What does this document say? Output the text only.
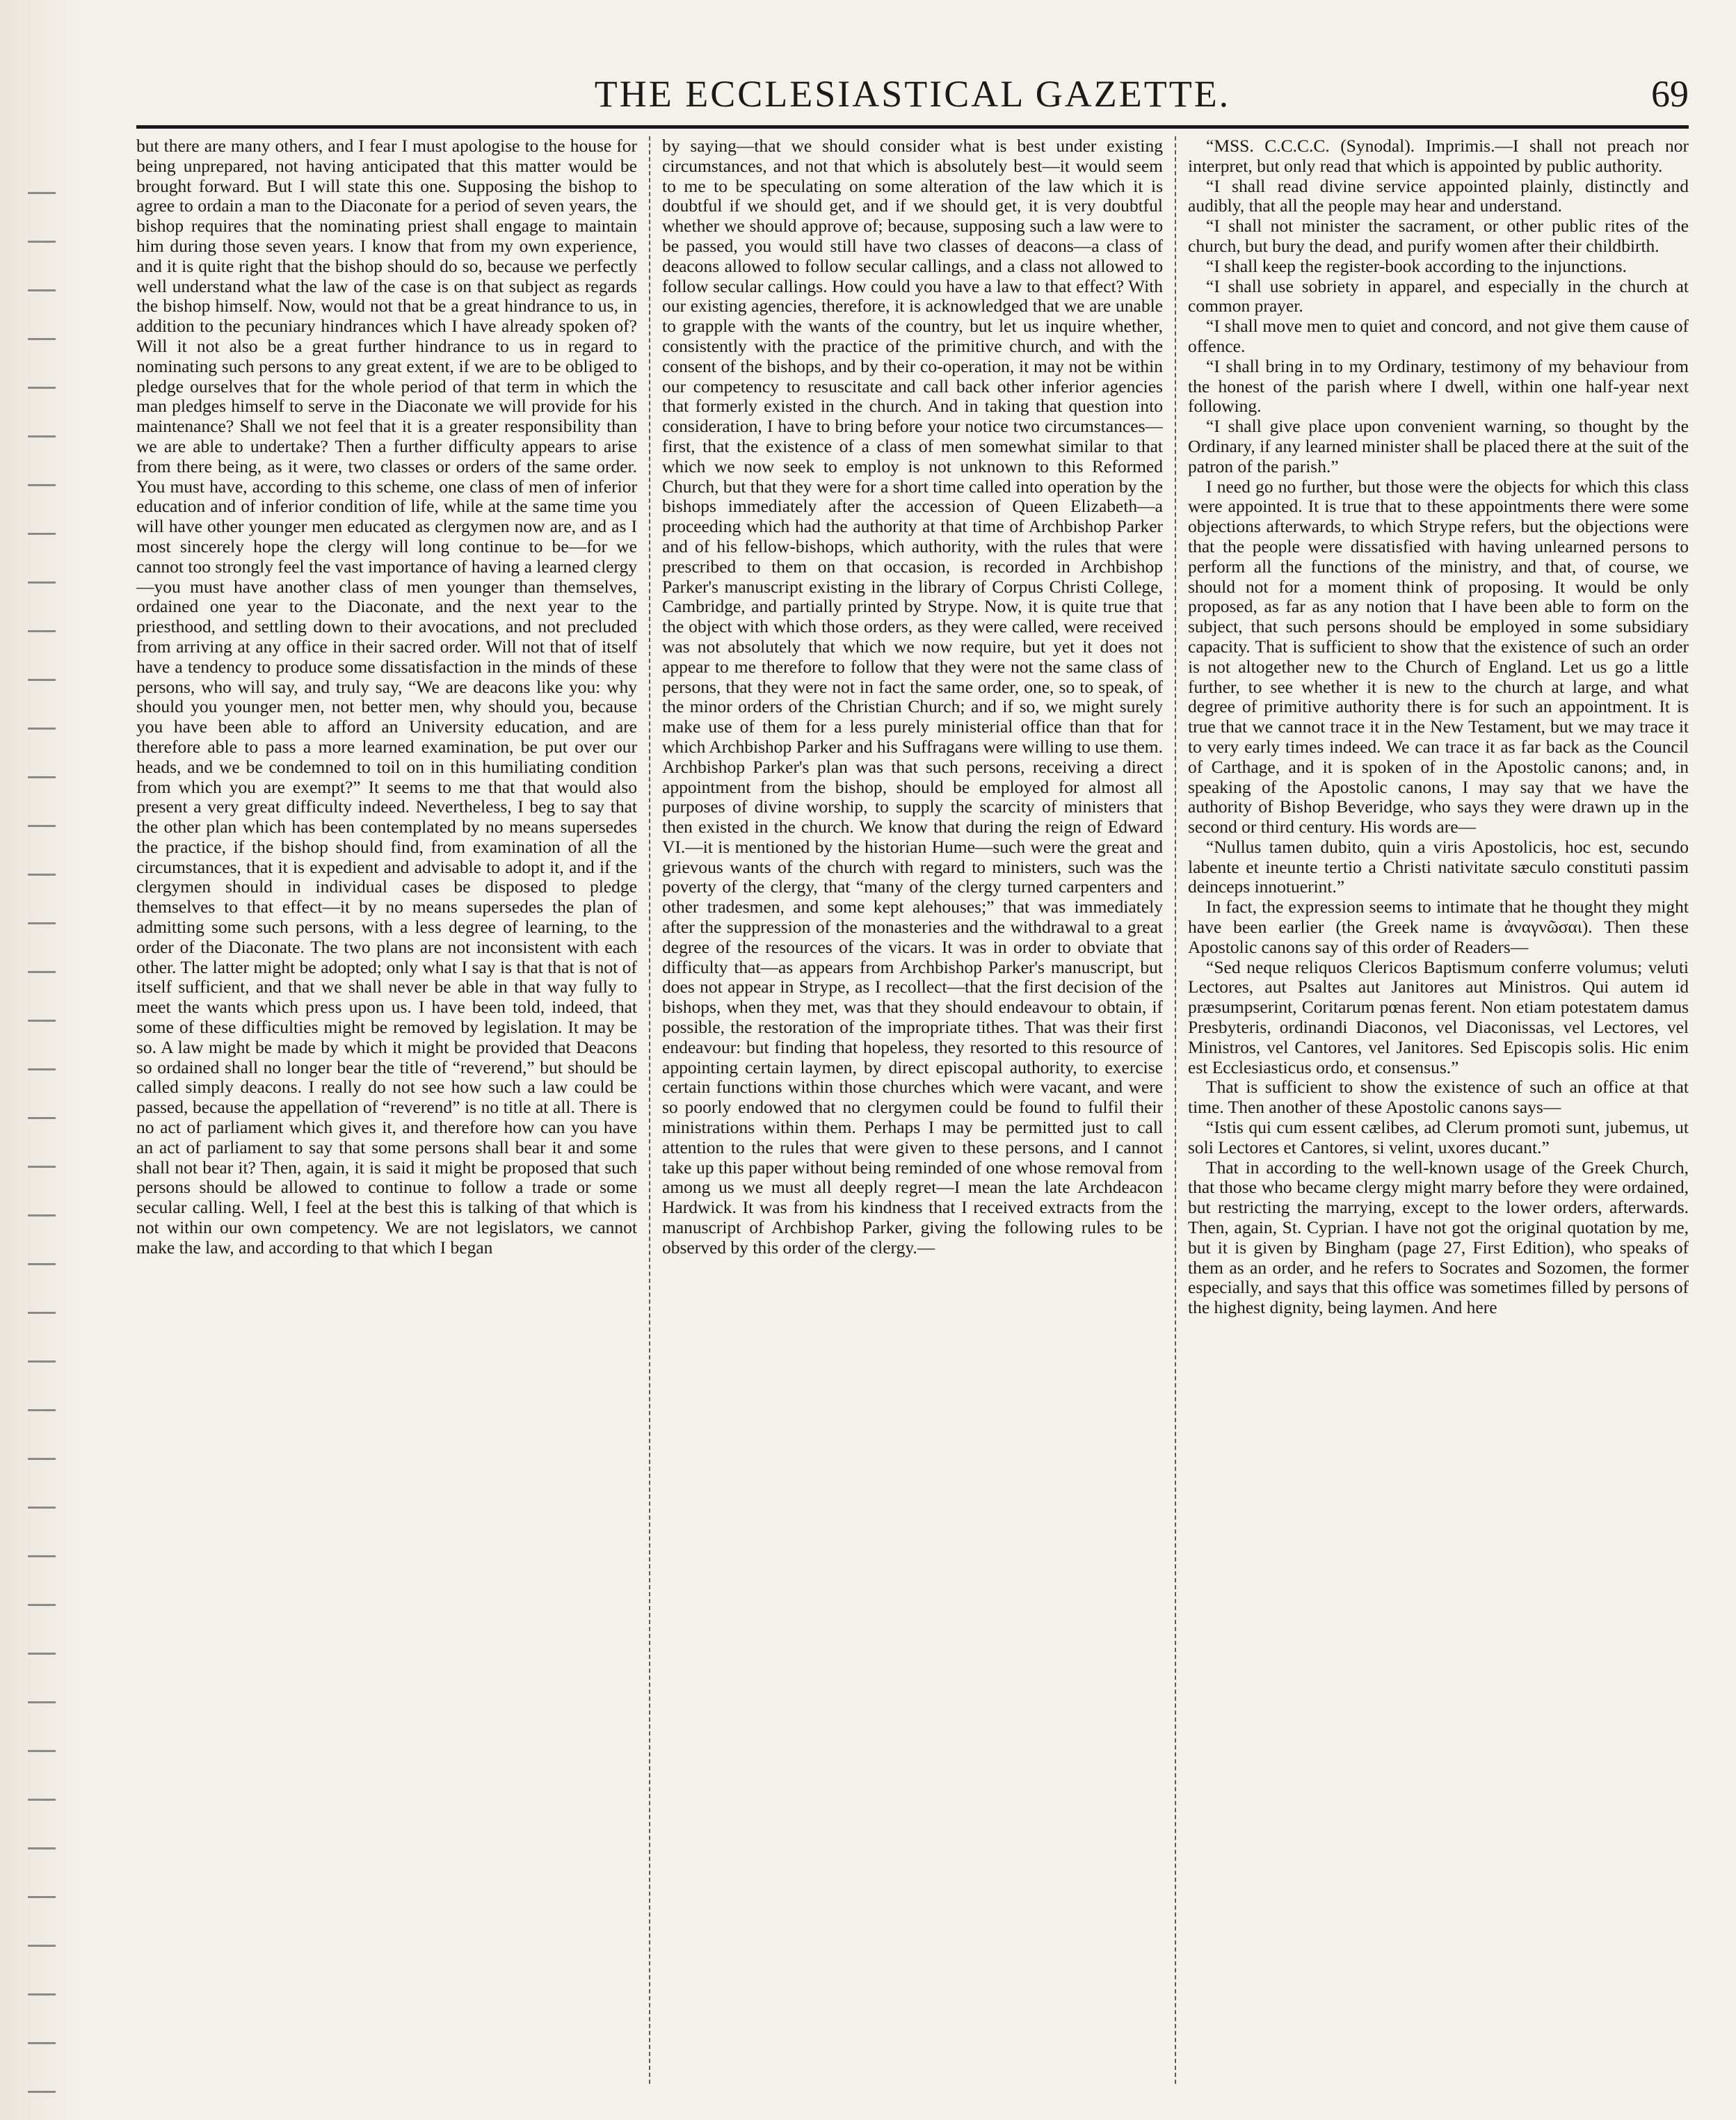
THE ECCLESIASTICAL GAZETTE.	69

but there are many others, and I fear I must apologise to the house for being unprepared, not having anticipated that this matter would be brought forward. But I will state this one. Supposing the bishop to agree to ordain a man to the Diaconate for a period of seven years, the bishop requires that the nominating priest shall engage to maintain him during those seven years. I know that from my own experience, and it is quite right that the bishop should do so, because we perfectly well understand what the law of the case is on that subject as regards the bishop himself. Now, would not that be a great hindrance to us, in addition to the pecuniary hindrances which I have already spoken of? Will it not also be a great further hindrance to us in regard to nominating such persons to any great extent, if we are to be obliged to pledge ourselves that for the whole period of that term in which the man pledges himself to serve in the Diaconate we will provide for his maintenance? Shall we not feel that it is a greater responsibility than we are able to undertake? Then a further difficulty appears to arise from there being, as it were, two classes or orders of the same order. You must have, according to this scheme, one class of men of inferior education and of inferior condition of life, while at the same time you will have other younger men educated as clergymen now are, and as I most sincerely hope the clergy will long continue to be—for we cannot too strongly feel the vast importance of having a learned clergy—you must have another class of men younger than themselves, ordained one year to the Diaconate, and the next year to the priesthood, and settling down to their avocations, and not precluded from arriving at any office in their sacred order. Will not that of itself have a tendency to produce some dissatisfaction in the minds of these persons, who will say, and truly say, “We are deacons like you: why should you younger men, not better men, why should you, because you have been able to afford an University education, and are therefore able to pass a more learned examination, be put over our heads, and we be condemned to toil on in this humiliating condition from which you are exempt?” It seems to me that that would also present a very great difficulty indeed. Nevertheless, I beg to say that the other plan which has been contemplated by no means supersedes the practice, if the bishop should find, from examination of all the circumstances, that it is expedient and advisable to adopt it, and if the clergymen should in individual cases be disposed to pledge themselves to that effect—it by no means supersedes the plan of admitting some such persons, with a less degree of learning, to the order of the Diaconate. The two plans are not inconsistent with each other. The latter might be adopted; only what I say is that that is not of itself sufficient, and that we shall never be able in that way fully to meet the wants which press upon us. I have been told, indeed, that some of these difficulties might be removed by legislation. It may be so. A law might be made by which it might be provided that Deacons so ordained shall no longer bear the title of “reverend,” but should be called simply deacons. I really do not see how such a law could be passed, because the appellation of “reverend” is no title at all. There is no act of parliament which gives it, and therefore how can you have an act of parliament to say that some persons shall bear it and some shall not bear it? Then, again, it is said it might be proposed that such persons should be allowed to continue to follow a trade or some secular calling. Well, I feel at the best this is talking of that which is not within our own competency. We are not legislators, we cannot make the law, and according to that which I began

by saying—that we should consider what is best under existing circumstances, and not that which is absolutely best—it would seem to me to be speculating on some alteration of the law which it is doubtful if we should get, and if we should get, it is very doubtful whether we should approve of; because, supposing such a law were to be passed, you would still have two classes of deacons—a class of deacons allowed to follow secular callings, and a class not allowed to follow secular callings. How could you have a law to that effect? With our existing agencies, therefore, it is acknowledged that we are unable to grapple with the wants of the country, but let us inquire whether, consistently with the practice of the primitive church, and with the consent of the bishops, and by their co-operation, it may not be within our competency to resuscitate and call back other inferior agencies that formerly existed in the church. And in taking that question into consideration, I have to bring before your notice two circumstances—first, that the existence of a class of men somewhat similar to that which we now seek to employ is not unknown to this Reformed Church, but that they were for a short time called into operation by the bishops immediately after the accession of Queen Elizabeth—a proceeding which had the authority at that time of Archbishop Parker and of his fellow-bishops, which authority, with the rules that were prescribed to them on that occasion, is recorded in Archbishop Parker's manuscript existing in the library of Corpus Christi College, Cambridge, and partially printed by Strype. Now, it is quite true that the object with which those orders, as they were called, were received was not absolutely that which we now require, but yet it does not appear to me therefore to follow that they were not the same class of persons, that they were not in fact the same order, one, so to speak, of the minor orders of the Christian Church; and if so, we might surely make use of them for a less purely ministerial office than that for which Archbishop Parker and his Suffragans were willing to use them. Archbishop Parker's plan was that such persons, receiving a direct appointment from the bishop, should be employed for almost all purposes of divine worship, to supply the scarcity of ministers that then existed in the church. We know that during the reign of Edward VI.—it is mentioned by the historian Hume—such were the great and grievous wants of the church with regard to ministers, such was the poverty of the clergy, that “many of the clergy turned carpenters and other tradesmen, and some kept alehouses;” that was immediately after the suppression of the monasteries and the withdrawal to a great degree of the resources of the vicars. It was in order to obviate that difficulty that—as appears from Archbishop Parker's manuscript, but does not appear in Strype, as I recollect—that the first decision of the bishops, when they met, was that they should endeavour to obtain, if possible, the restoration of the impropriate tithes. That was their first endeavour: but finding that hopeless, they resorted to this resource of appointing certain laymen, by direct episcopal authority, to exercise certain functions within those churches which were vacant, and were so poorly endowed that no clergymen could be found to fulfil their ministrations within them. Perhaps I may be permitted just to call attention to the rules that were given to these persons, and I cannot take up this paper without being reminded of one whose removal from among us we must all deeply regret—I mean the late Archdeacon Hardwick. It was from his kindness that I received extracts from the manuscript of Archbishop Parker, giving the following rules to be observed by this order of the clergy.—

“MSS. C.C.C.C. (Synodal). Imprimis.—I shall not preach nor interpret, but only read that which is appointed by public authority.

“I shall read divine service appointed plainly, distinctly and audibly, that all the people may hear and understand.

“I shall not minister the sacrament, or other public rites of the church, but bury the dead, and purify women after their childbirth.

“I shall keep the register-book according to the injunctions.

“I shall use sobriety in apparel, and especially in the church at common prayer.

“I shall move men to quiet and concord, and not give them cause of offence.

“I shall bring in to my Ordinary, testimony of my behaviour from the honest of the parish where I dwell, within one half-year next following.

“I shall give place upon convenient warning, so thought by the Ordinary, if any learned minister shall be placed there at the suit of the patron of the parish.”

I need go no further, but those were the objects for which this class were appointed. It is true that to these appointments there were some objections afterwards, to which Strype refers, but the objections were that the people were dissatisfied with having unlearned persons to perform all the functions of the ministry, and that, of course, we should not for a moment think of proposing. It would be only proposed, as far as any notion that I have been able to form on the subject, that such persons should be employed in some subsidiary capacity. That is sufficient to show that the existence of such an order is not altogether new to the Church of England. Let us go a little further, to see whether it is new to the church at large, and what degree of primitive authority there is for such an appointment. It is true that we cannot trace it in the New Testament, but we may trace it to very early times indeed. We can trace it as far back as the Council of Carthage, and it is spoken of in the Apostolic canons; and, in speaking of the Apostolic canons, I may say that we have the authority of Bishop Beveridge, who says they were drawn up in the second or third century. His words are—

“Nullus tamen dubito, quin a viris Apostolicis, hoc est, secundo labente et ineunte tertio a Christi nativitate sæculo constituti passim deinceps innotuerint.”

In fact, the expression seems to intimate that he thought they might have been earlier (the Greek name is ἀναγνῶσαι). Then these Apostolic canons say of this order of Readers—

“Sed neque reliquos Clericos Baptismum conferre volumus; veluti Lectores, aut Psaltes aut Janitores aut Ministros. Qui autem id præsumpserint, Coritarum pœnas ferent. Non etiam potestatem damus Presbyteris, ordinandi Diaconos, vel Diaconissas, vel Lectores, vel Ministros, vel Cantores, vel Janitores. Sed Episcopis solis. Hic enim est Ecclesiasticus ordo, et consensus.”

That is sufficient to show the existence of such an office at that time. Then another of these Apostolic canons says—

“Istis qui cum essent cælibes, ad Clerum promoti sunt, jubemus, ut soli Lectores et Cantores, si velint, uxores ducant.”

That in according to the well-known usage of the Greek Church, that those who became clergy might marry before they were ordained, but restricting the marrying, except to the lower orders, afterwards. Then, again, St. Cyprian. I have not got the original quotation by me, but it is given by Bingham (page 27, First Edition), who speaks of them as an order, and he refers to Socrates and Sozomen, the former especially, and says that this office was sometimes filled by persons of the highest dignity, being laymen. And here
